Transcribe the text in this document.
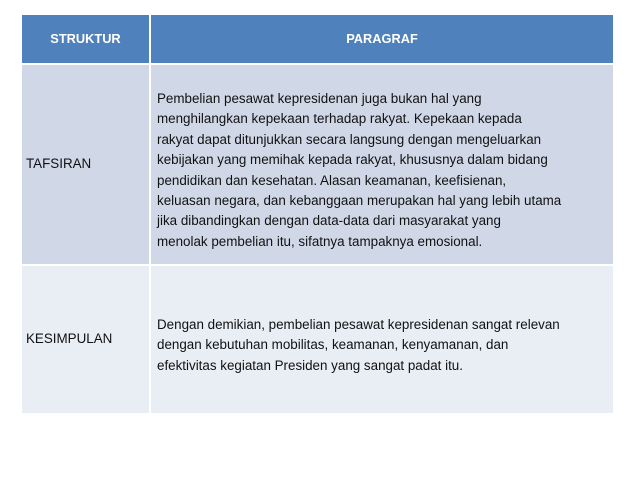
STRUKTUR	PARAGRAF
TAFSIRAN
Pembelian pesawat kepresidenan juga bukan hal yang
menghilangkan kepekaan terhadap rakyat. Kepekaan kepada
rakyat dapat ditunjukkan secara langsung dengan mengeluarkan
kebijakan yang memihak kepada rakyat, khususnya dalam bidang
pendidikan dan kesehatan. Alasan keamanan, keefisienan,
keluasan negara, dan kebanggaan merupakan hal yang lebih utama
jika dibandingkan dengan data-data dari masyarakat yang
menolak pembelian itu, sifatnya tampaknya emosional.
KESIMPULAN
Dengan demikian, pembelian pesawat kepresidenan sangat relevan
dengan kebutuhan mobilitas, keamanan, kenyamanan, dan
efektivitas kegiatan Presiden yang sangat padat itu.
